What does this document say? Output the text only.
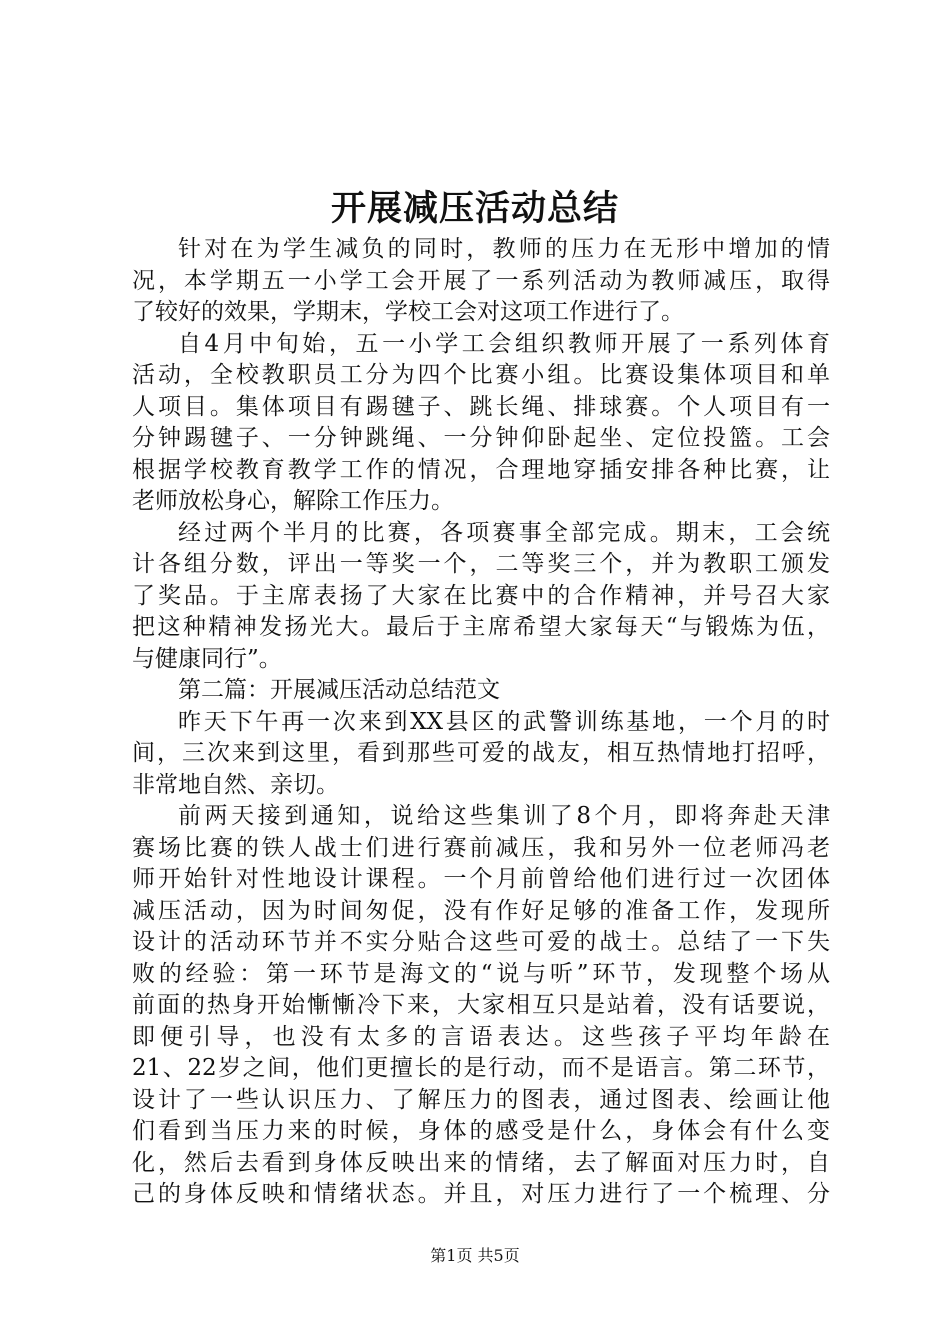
开展减压活动总结
针对在为学生减负的同时，教师的压力在无形中增加的情
况，本学期五一小学工会开展了一系列活动为教师减压，取得
了较好的效果，学期末，学校工会对这项工作进行了。
自4月中旬始，五一小学工会组织教师开展了一系列体育
活动，全校教职员工分为四个比赛小组。比赛设集体项目和单
人项目。集体项目有踢毽子、跳长绳、排球赛。个人项目有一
分钟踢毽子、一分钟跳绳、一分钟仰卧起坐、定位投篮。工会
根据学校教育教学工作的情况，合理地穿插安排各种比赛，让
老师放松身心，解除工作压力。
经过两个半月的比赛，各项赛事全部完成。期末，工会统
计各组分数，评出一等奖一个，二等奖三个，并为教职工颁发
了奖品。于主席表扬了大家在比赛中的合作精神，并号召大家
把这种精神发扬光大。最后于主席希望大家每天“与锻炼为伍，
与健康同行”。
第二篇：开展减压活动总结范文
昨天下午再一次来到XX县区的武警训练基地，一个月的时
间，三次来到这里，看到那些可爱的战友，相互热情地打招呼，
非常地自然、亲切。
前两天接到通知，说给这些集训了8个月，即将奔赴天津
赛场比赛的铁人战士们进行赛前减压，我和另外一位老师冯老
师开始针对性地设计课程。一个月前曾给他们进行过一次团体
减压活动，因为时间匆促，没有作好足够的准备工作，发现所
设计的活动环节并不实分贴合这些可爱的战士。总结了一下失
败的经验：第一环节是海文的“说与听”环节，发现整个场从
前面的热身开始慚慚冷下来，大家相互只是站着，没有话要说，
即便引导，也没有太多的言语表达。这些孩子平均年龄在
21、22岁之间，他们更擅长的是行动，而不是语言。第二环节，
设计了一些认识压力、了解压力的图表，通过图表、绘画让他
们看到当压力来的时候，身体的感受是什么，身体会有什么变
化，然后去看到身体反映出来的情绪，去了解面对压力时，自
己的身体反映和情绪状态。并且，对压力进行了一个梳理、分
第1页 共5页
